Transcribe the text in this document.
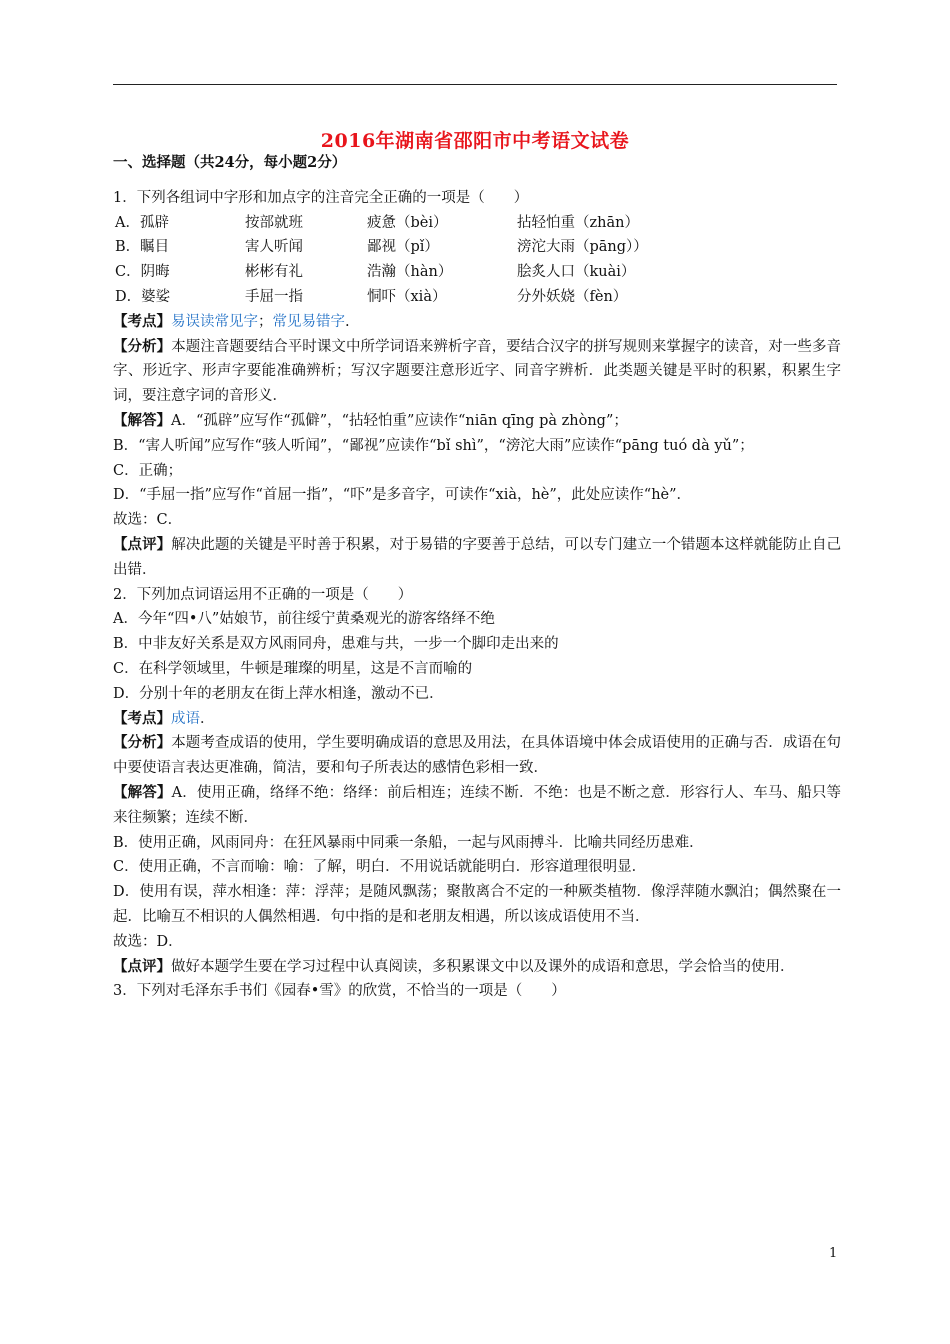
2016年湖南省邵阳市中考语文试卷

一、选择题（共24分，每小题2分）

1．下列各组词中字形和加点字的注音完全正确的一项是（　　）

A．孤辟	按部就班	疲惫（bèi）	拈轻怕重（zhān）
B．瞩目	害人听闻	鄙视（pǐ）	滂沱大雨（pāng））
C．阴晦	彬彬有礼	浩瀚（hàn）	脍炙人口（kuài）
D．婆娑	手屈一指	恫吓（xià）	分外妖娆（fèn）

【考点】易误读常见字；常见易错字.

【分析】本题注音题要结合平时课文中所学词语来辨析字音，要结合汉字的拼写规则来掌握字的读音，对一些多音字、形近字、形声字要能准确辨析；写汉字题要注意形近字、同音字辨析．此类题关键是平时的积累，积累生字词，要注意字词的音形义．

【解答】A．“孤辟”应写作“孤僻”，“拈轻怕重”应读作“niān qīng pà zhòng”；

B．“害人听闻”应写作“骇人听闻”，“鄙视”应读作“bǐ shì”，“滂沱大雨”应读作“pāng tuó dà yǔ”；

C．正确；

D．“手屈一指”应写作“首屈一指”，“吓”是多音字，可读作“xià，hè”，此处应读作“hè”．

故选：C．

【点评】解决此题的关键是平时善于积累，对于易错的字要善于总结，可以专门建立一个错题本这样就能防止自己出错．

2．下列加点词语运用不正确的一项是（　　）

A．今年“四•八”姑娘节，前往绥宁黄桑观光的游客络绎不绝

B．中非友好关系是双方风雨同舟，患难与共，一步一个脚印走出来的

C．在科学领域里，牛顿是璀璨的明星，这是不言而喻的

D．分别十年的老朋友在街上萍水相逢，激动不已．

【考点】成语．

【分析】本题考查成语的使用，学生要明确成语的意思及用法，在具体语境中体会成语使用的正确与否．成语在句中要使语言表达更准确，简洁，要和句子所表达的感情色彩相一致．

【解答】A．使用正确，络绎不绝：络绎：前后相连；连续不断．不绝：也是不断之意．形容行人、车马、船只等来往频繁；连续不断．

B．使用正确，风雨同舟：在狂风暴雨中同乘一条船，一起与风雨搏斗．比喻共同经历患难．

C．使用正确，不言而喻：喻：了解，明白．不用说话就能明白．形容道理很明显．

D．使用有误，萍水相逢：萍：浮萍；是随风飘荡；聚散离合不定的一种厥类植物．像浮萍随水飘泊；偶然聚在一起．比喻互不相识的人偶然相遇．句中指的是和老朋友相遇，所以该成语使用不当．

故选：D．

【点评】做好本题学生要在学习过程中认真阅读，多积累课文中以及课外的成语和意思，学会恰当的使用．

3．下列对毛泽东手书们《园春•雪》的欣赏，不恰当的一项是（　　）

1
